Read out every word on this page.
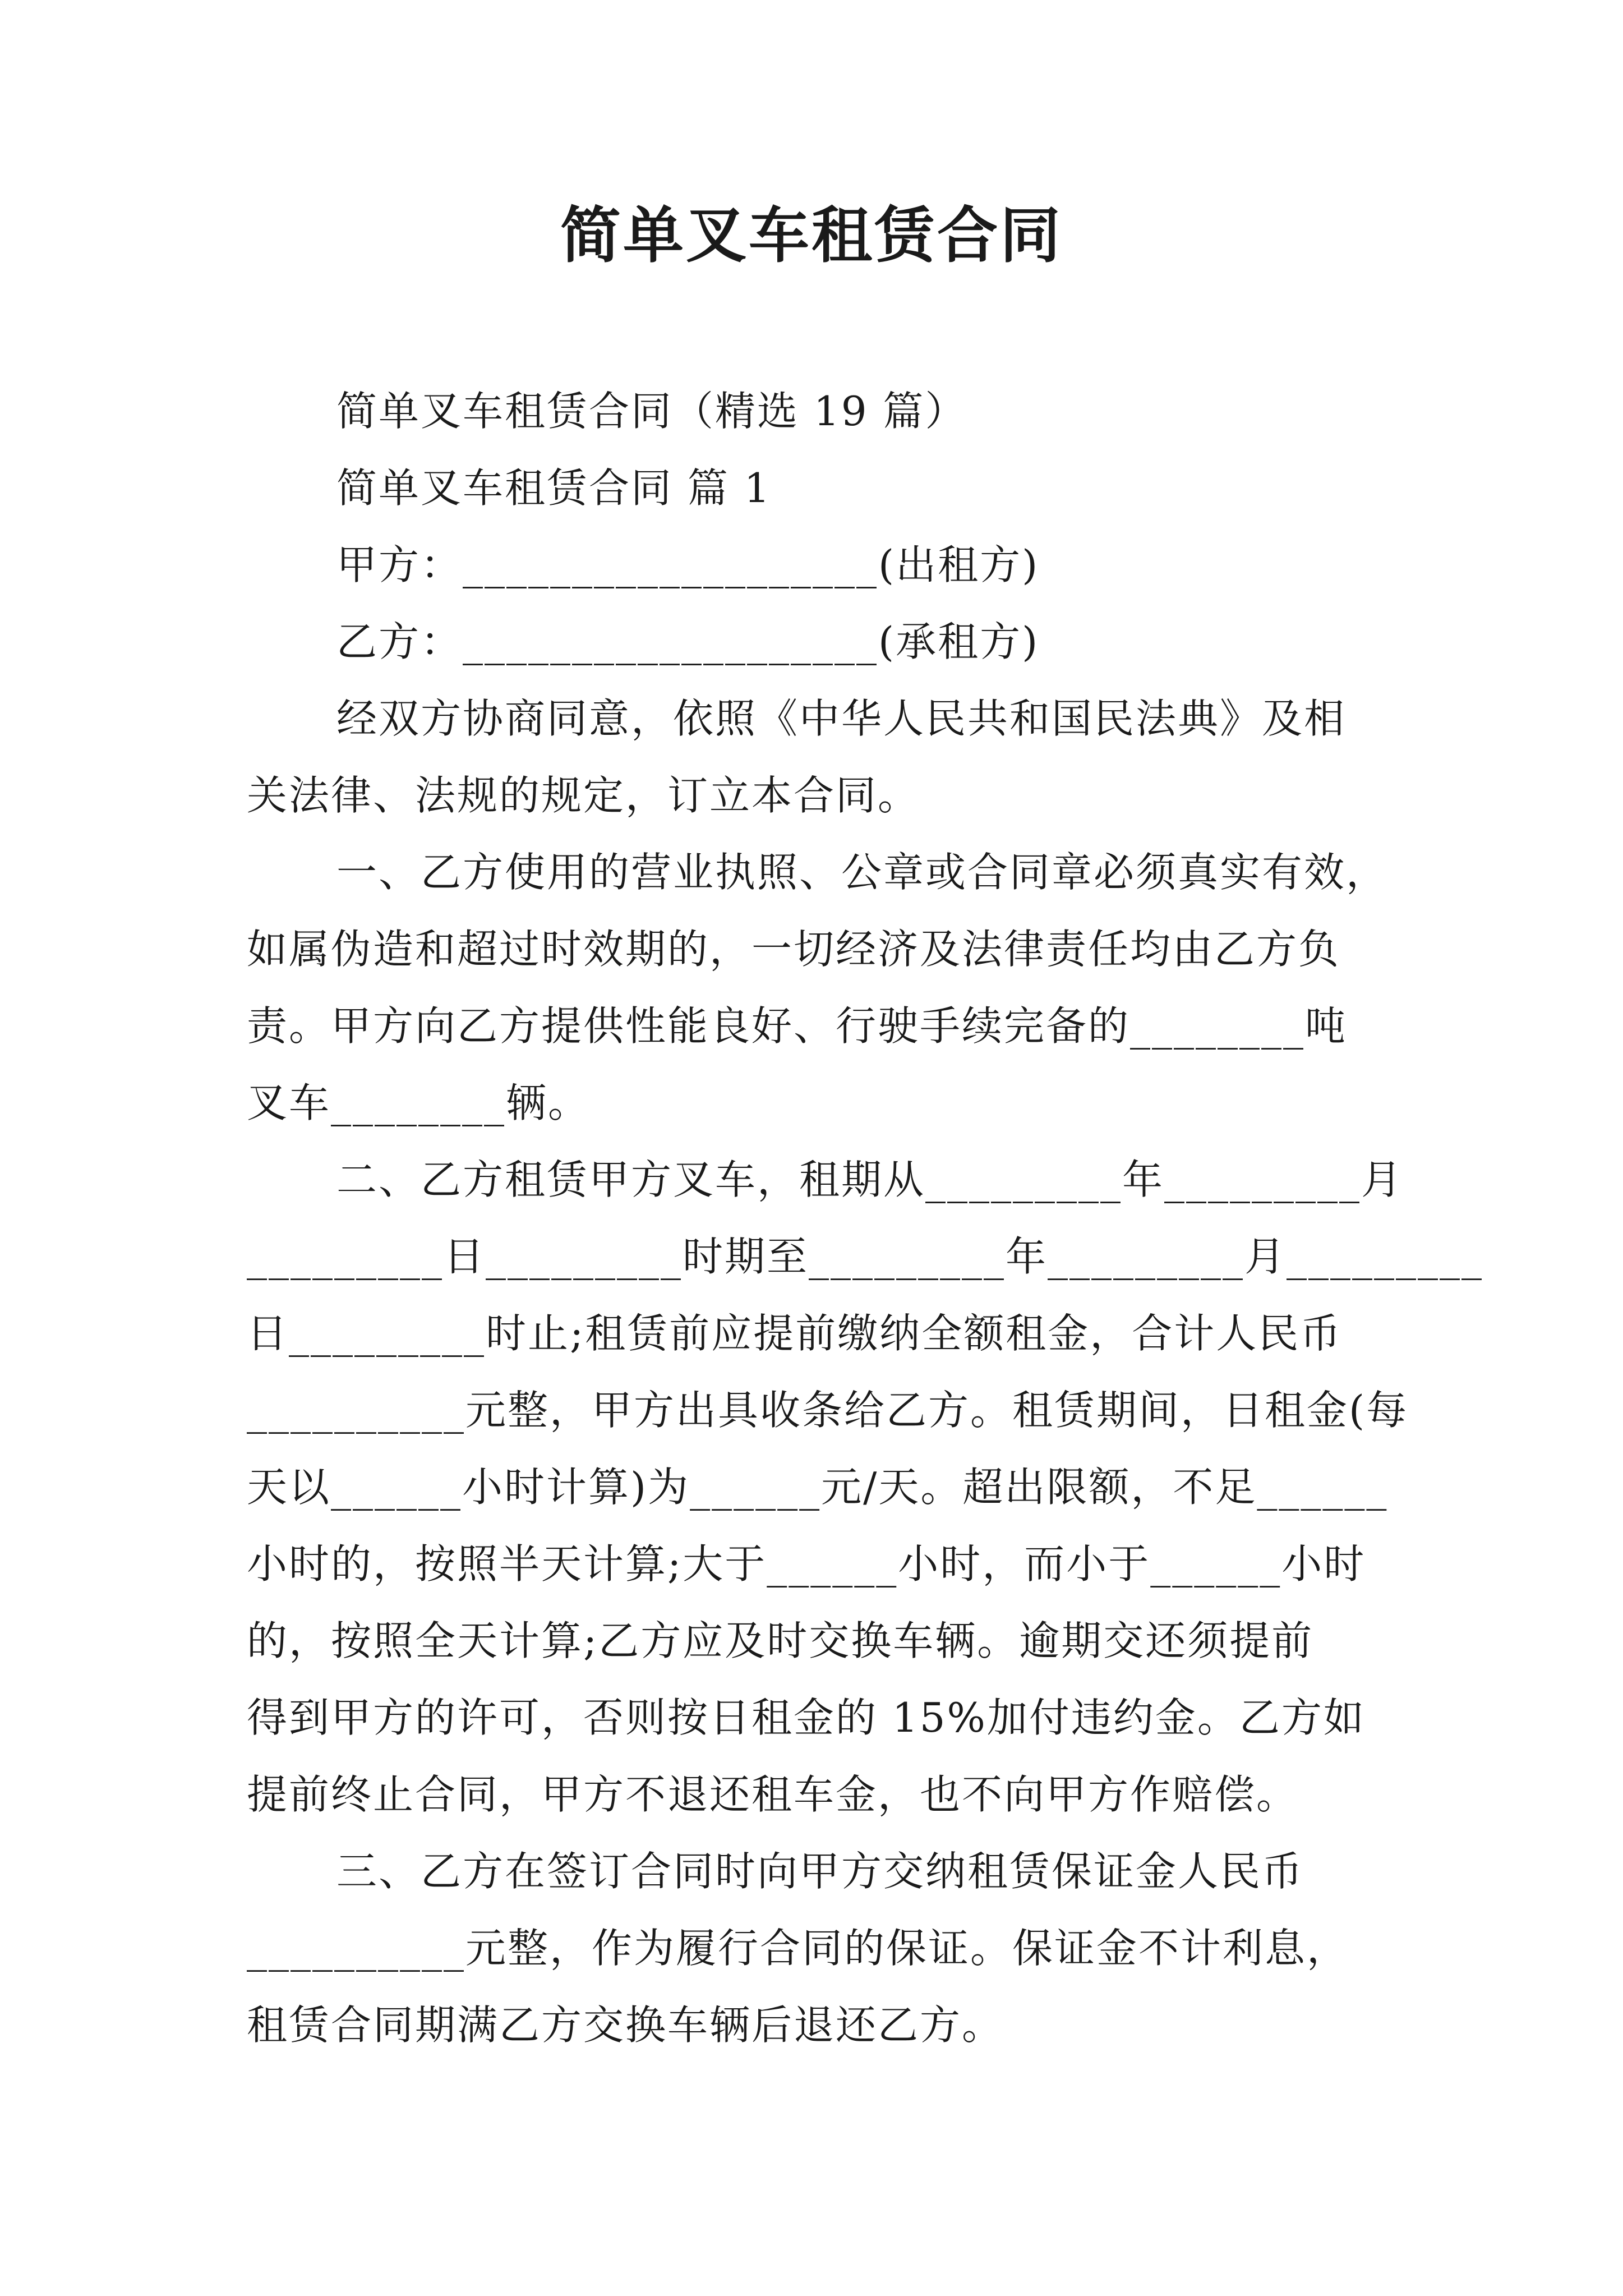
简单叉车租赁合同
简单叉车租赁合同（精选 19 篇）
简单叉车租赁合同 篇 1
甲方：___________________(出租方)
乙方：___________________(承租方)
经双方协商同意，依照《中华人民共和国民法典》及相
关法律、法规的规定，订立本合同。
一、乙方使用的营业执照、公章或合同章必须真实有效，
如属伪造和超过时效期的，一切经济及法律责任均由乙方负
责。甲方向乙方提供性能良好、行驶手续完备的________吨
叉车________辆。
二、乙方租赁甲方叉车，租期从_________年_________月
_________日_________时期至_________年_________月_________
日_________时止;租赁前应提前缴纳全额租金，合计人民币
__________元整，甲方出具收条给乙方。租赁期间，日租金(每
天以______小时计算)为______元/天。超出限额，不足______
小时的，按照半天计算;大于______小时，而小于______小时
的，按照全天计算;乙方应及时交换车辆。逾期交还须提前
得到甲方的许可，否则按日租金的 15%加付违约金。乙方如
提前终止合同，甲方不退还租车金，也不向甲方作赔偿。
三、乙方在签订合同时向甲方交纳租赁保证金人民币
__________元整，作为履行合同的保证。保证金不计利息，
租赁合同期满乙方交换车辆后退还乙方。
